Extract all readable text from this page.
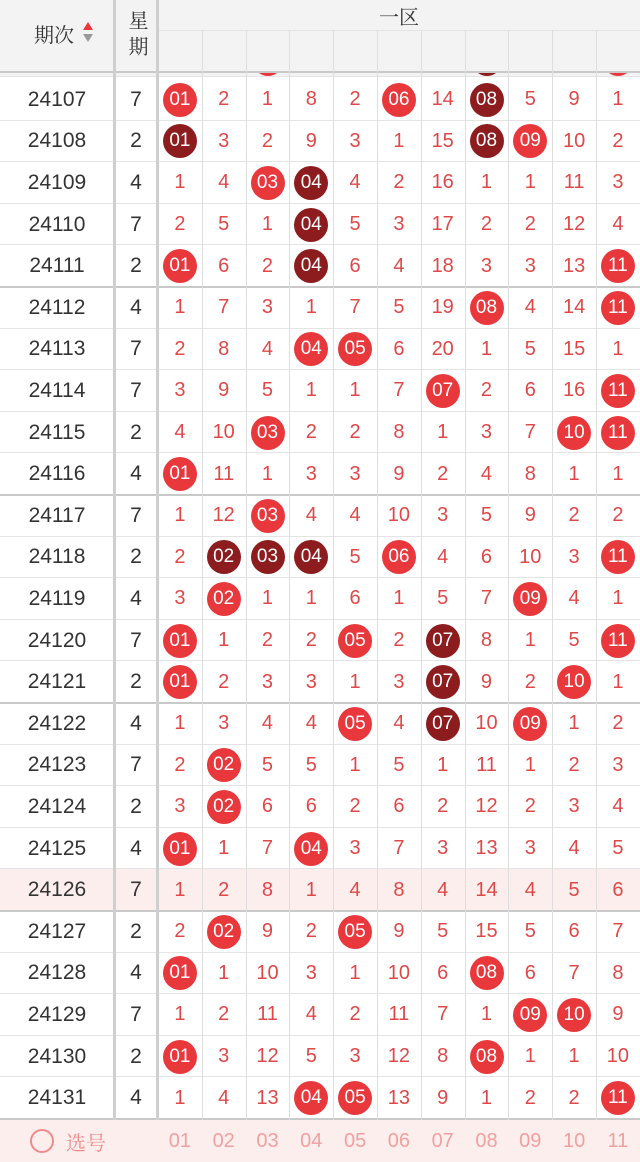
期次	星期	一区
24107	7	01	2	1	8	2	06	14	08	5	9	1
24108	2	01	3	2	9	3	1	15	08	09	10	2
24109	4	1	4	03	04	4	2	16	1	1	11	3
24110	7	2	5	1	04	5	3	17	2	2	12	4
24111	2	01	6	2	04	6	4	18	3	3	13	11
24112	4	1	7	3	1	7	5	19	08	4	14	11
24113	7	2	8	4	04	05	6	20	1	5	15	1
24114	7	3	9	5	1	1	7	07	2	6	16	11
24115	2	4	10	03	2	2	8	1	3	7	10	11
24116	4	01	11	1	3	3	9	2	4	8	1	1
24117	7	1	12	03	4	4	10	3	5	9	2	2
24118	2	2	02	03	04	5	06	4	6	10	3	11
24119	4	3	02	1	1	6	1	5	7	09	4	1
24120	7	01	1	2	2	05	2	07	8	1	5	11
24121	2	01	2	3	3	1	3	07	9	2	10	1
24122	4	1	3	4	4	05	4	07	10	09	1	2
24123	7	2	02	5	5	1	5	1	11	1	2	3
24124	2	3	02	6	6	2	6	2	12	2	3	4
24125	4	01	1	7	04	3	7	3	13	3	4	5
24126	7	1	2	8	1	4	8	4	14	4	5	6
24127	2	2	02	9	2	05	9	5	15	5	6	7
24128	4	01	1	10	3	1	10	6	08	6	7	8
24129	7	1	2	11	4	2	11	7	1	09	10	9
24130	2	01	3	12	5	3	12	8	08	1	1	10
24131	4	1	4	13	04	05	13	9	1	2	2	11
选号	01	02	03	04	05	06	07	08	09	10	11
